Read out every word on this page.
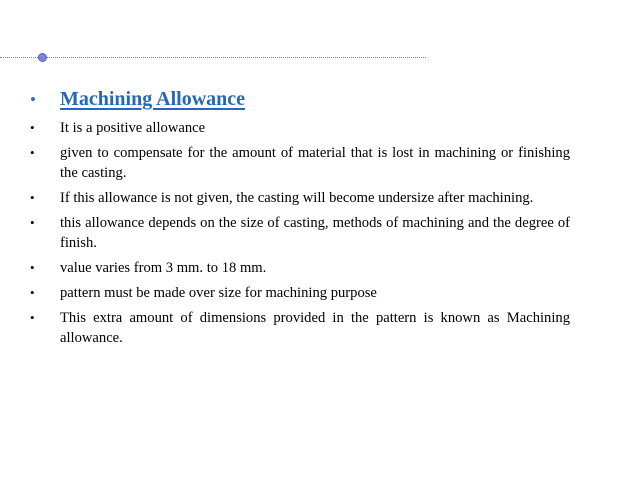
•	Machining Allowance
•	It is a positive allowance
•	given to compensate for the amount of material that is lost in machining or finishing the casting.
•	If this allowance is not given, the casting will become undersize after machining.
•	this allowance depends on the size of casting, methods of machining and the degree of finish.
•	value varies from 3 mm. to 18 mm.
•	pattern must be made over size for machining purpose
•	This extra amount of dimensions provided in the pattern is known as Machining allowance.
